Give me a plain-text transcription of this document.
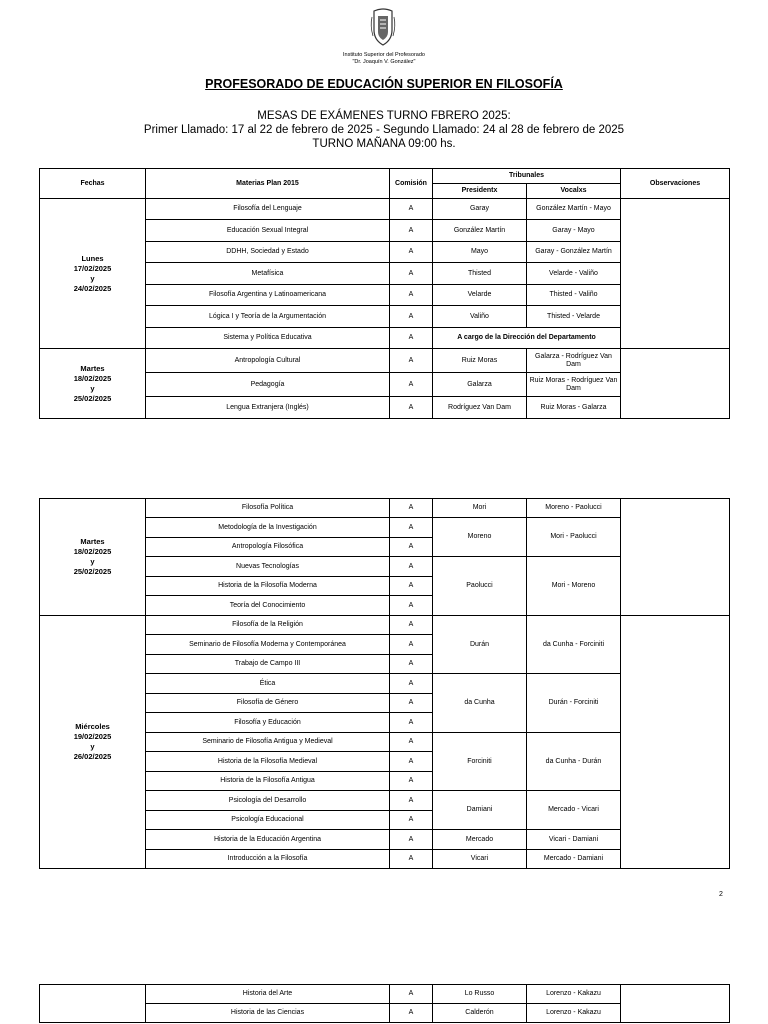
Instituto Superior del Profesorado
"Dr. Joaquín V. González"
PROFESORADO DE EDUCACIÓN SUPERIOR EN FILOSOFÍA
MESAS DE EXÁMENES TURNO FBRERO 2025:
Primer Llamado: 17 al 22 de febrero de 2025 - Segundo Llamado: 24 al 28 de febrero de 2025
TURNO MAÑANA 09:00 hs.
Fechas	Materias Plan 2015	Comisión	Tribunales		Observaciones
			Presidentx	Vocalxs	
Lunes
17/02/2025
y
24/02/2025	Filosofía del Lenguaje	A	Garay	González Martín - Mayo	
	Educación Sexual Integral	A	González Martín	Garay - Mayo	
	DDHH, Sociedad y Estado	A	Mayo	Garay - González Martín	
	Metafísica	A	Thisted	Velarde - Valiño	
	Filosofía Argentina y Latinoamericana	A	Velarde	Thisted - Valiño	
	Lógica I y Teoría de la Argumentación	A	Valiño	Thisted - Velarde	
	Sistema y Política Educativa	A	A cargo de la Dirección del Departamento		
Martes
18/02/2025
y
25/02/2025	Antropología Cultural	A	Ruiz Moras	Galarza - Rodríguez Van Dam	
	Pedagogía	A	Galarza	Ruiz Moras - Rodríguez Van Dam	
	Lengua Extranjera (Inglés)	A	Rodríguez Van Dam	Ruiz Moras - Galarza	
Martes
18/02/2025
y
25/02/2025	Filosofía Política	A	Mori	Moreno - Paolucci	
	Metodología de la Investigación	A	Moreno	Mori - Paolucci	
	Antropología Filosófica	A			
	Nuevas Tecnologías	A	Paolucci	Mori - Moreno	
	Historia de la Filosofía Moderna	A			
	Teoría del Conocimiento	A			
Miércoles
19/02/2025
y
26/02/2025	Filosofía de la Religión	A	Durán	da Cunha - Forciniti	
	Seminario de Filosofía Moderna y Contemporánea	A			
	Trabajo de Campo III	A			
	Ética	A	da Cunha	Durán - Forciniti	
	Filosofía de Género	A			
	Filosofía y Educación	A			
	Seminario de Filosofía Antigua y Medieval	A	Forciniti	da Cunha - Durán	
	Historia de la Filosofía Medieval	A			
	Historia de la Filosofía Antigua	A			
	Psicología del Desarrollo	A	Damiani	Mercado - Vicari	
	Psicología Educacional	A			
	Historia de la Educación Argentina	A	Mercado	Vicari - Damiani	
	Introducción a la Filosofía	A	Vicari	Mercado - Damiani	
2
	Historia del Arte	A	Lo Russo	Lorenzo - Kakazu	
	Historia de las Ciencias	A	Calderón	Lorenzo - Kakazu	
